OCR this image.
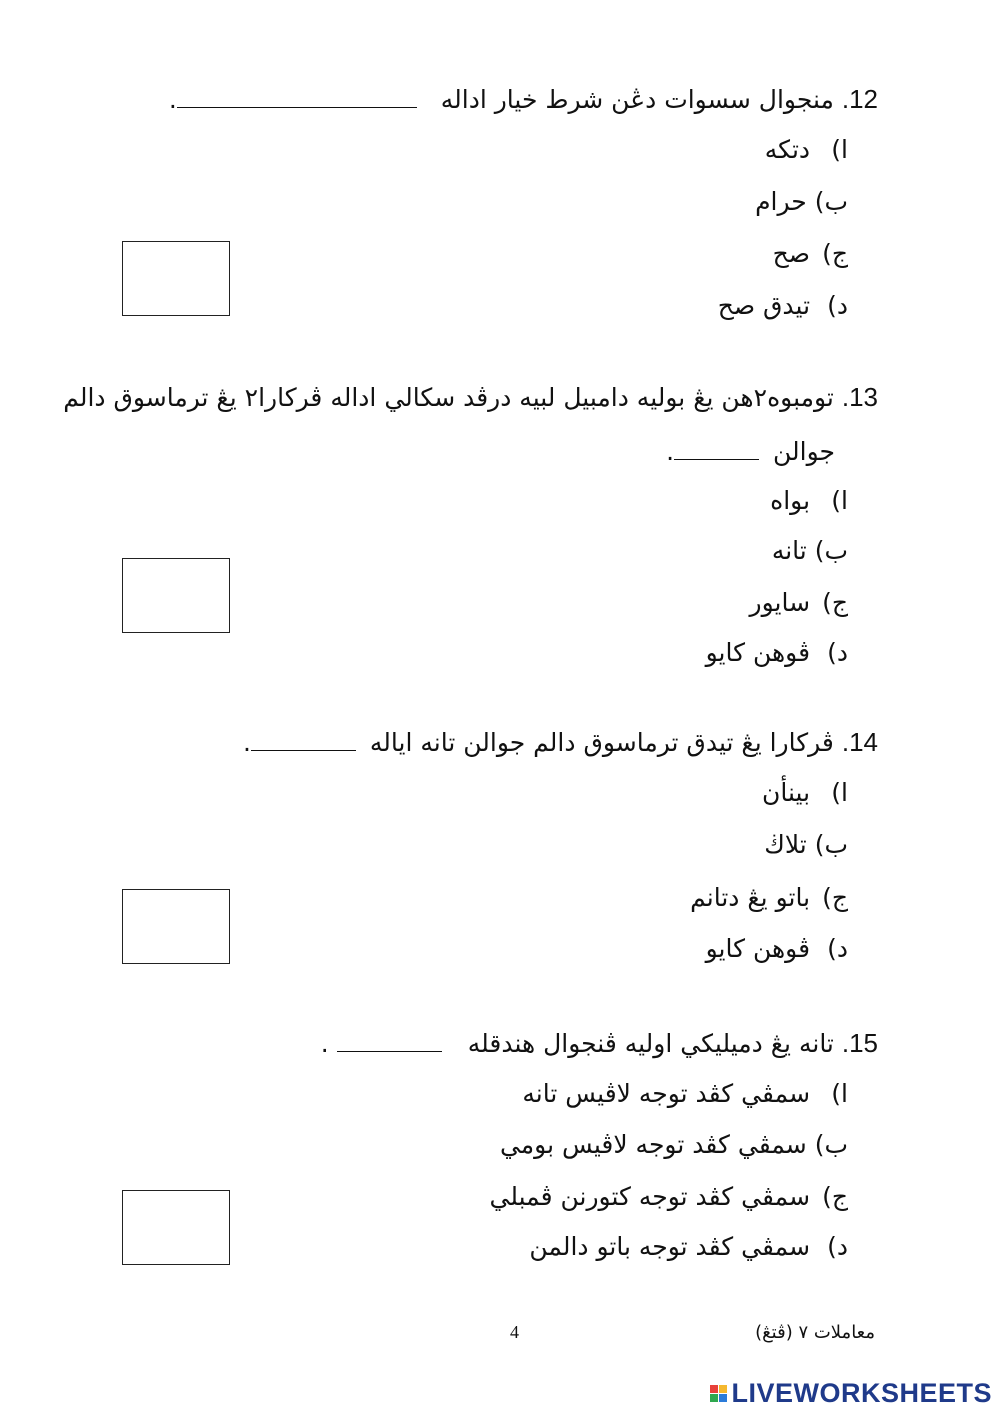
12. منجوال سسوات دڠن شرط خيار اداله .
ا) دتكه
ب) حرام
ج) صح
د) تيدق صح
13. تومبوه٢هن يڠ بوليه دامبيل لبيه درڤد سكالي اداله ڤركارا٢ يڠ ترماسوق دالم
جوالن .
ا) بواه
ب) تانه
ج) سايور
د) ڤوهن كايو
14. ڤركارا يڠ تيدق ترماسوق دالم جوالن تانه اياله .
ا) بينأن
ب) تلاڬ
ج) باتو يڠ دتانم
د) ڤوهن كايو
15. تانه يڠ دميليكي اوليه ڤنجوال هندقله .
ا) سمڤي كڤد توجه لاڤيس تانه
ب) سمڤي كڤد توجه لاڤيس بومي
ج) سمڤي كڤد توجه كتورنن ڤمبلي
د) سمڤي كڤد توجه باتو دالمن
4	معاملات ٧ (ڤتڠ)
LIVEWORKSHEETS
